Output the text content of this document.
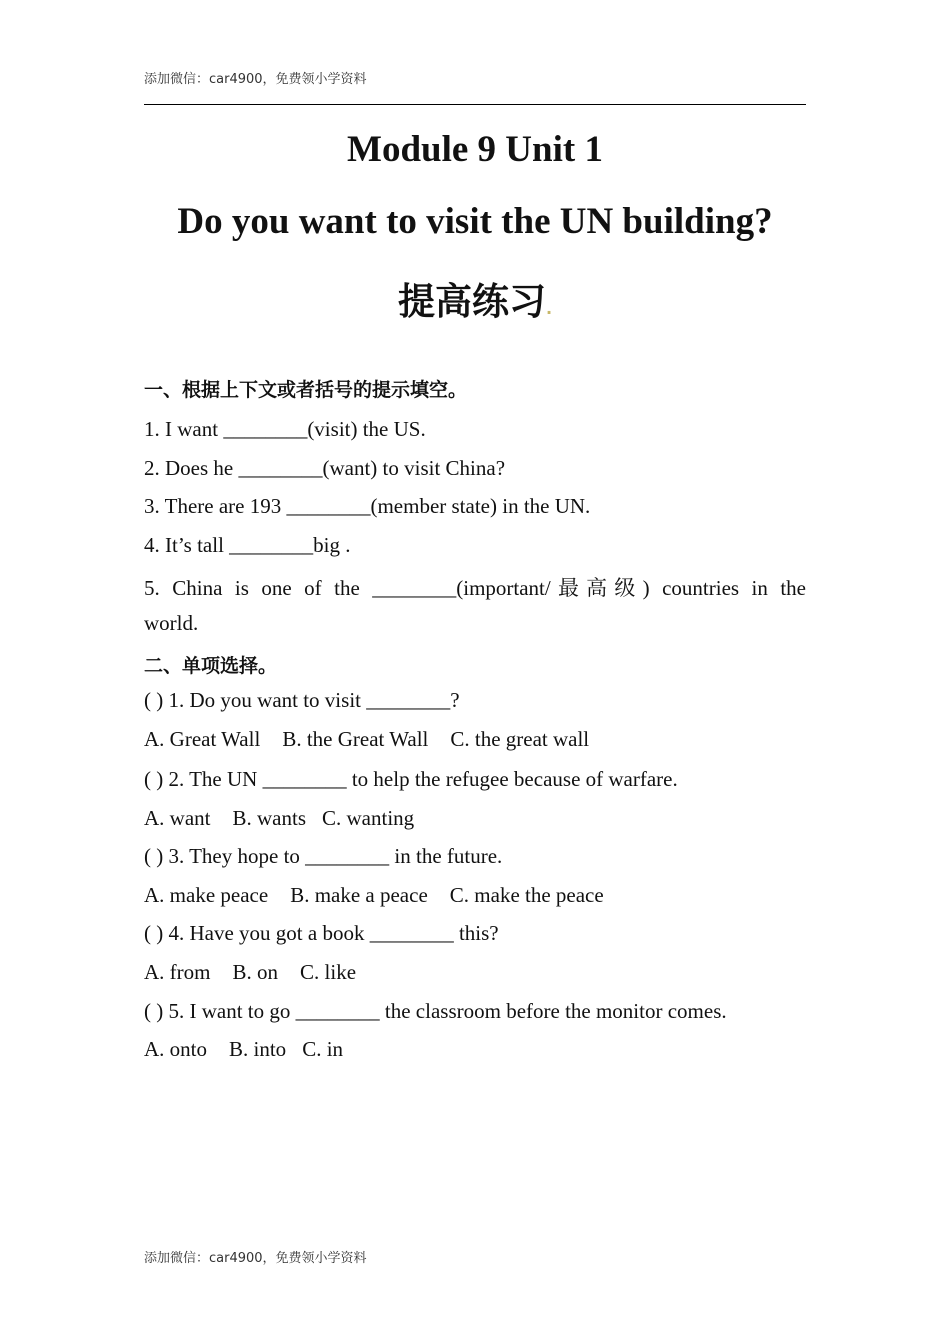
添加微信：car4900，免费领小学资料
Module 9 Unit 1
Do you want to visit the UN building?
提高练习.
一、根据上下文或者括号的提示填空。
1. I want ________(visit) the US.
2. Does he ________(want) to visit China?
3. There are 193 ________(member state) in the UN.
4. It’s tall ________big .
5. China is one of the ________(important/最高级) countries in the
world.
二、单项选择。
( ) 1. Do you want to visit ________?
A. Great Wall B. the Great Wall C. the great wall
( ) 2. The UN ________ to help the refugee because of warfare.
A. want B. wants C. wanting
( ) 3. They hope to ________ in the future.
A. make peace B. make a peace C. make the peace
( ) 4. Have you got a book ________ this?
A. from B. on C. like
( ) 5. I want to go ________ the classroom before the monitor comes.
A. onto B. into C. in
添加微信：car4900，免费领小学资料
